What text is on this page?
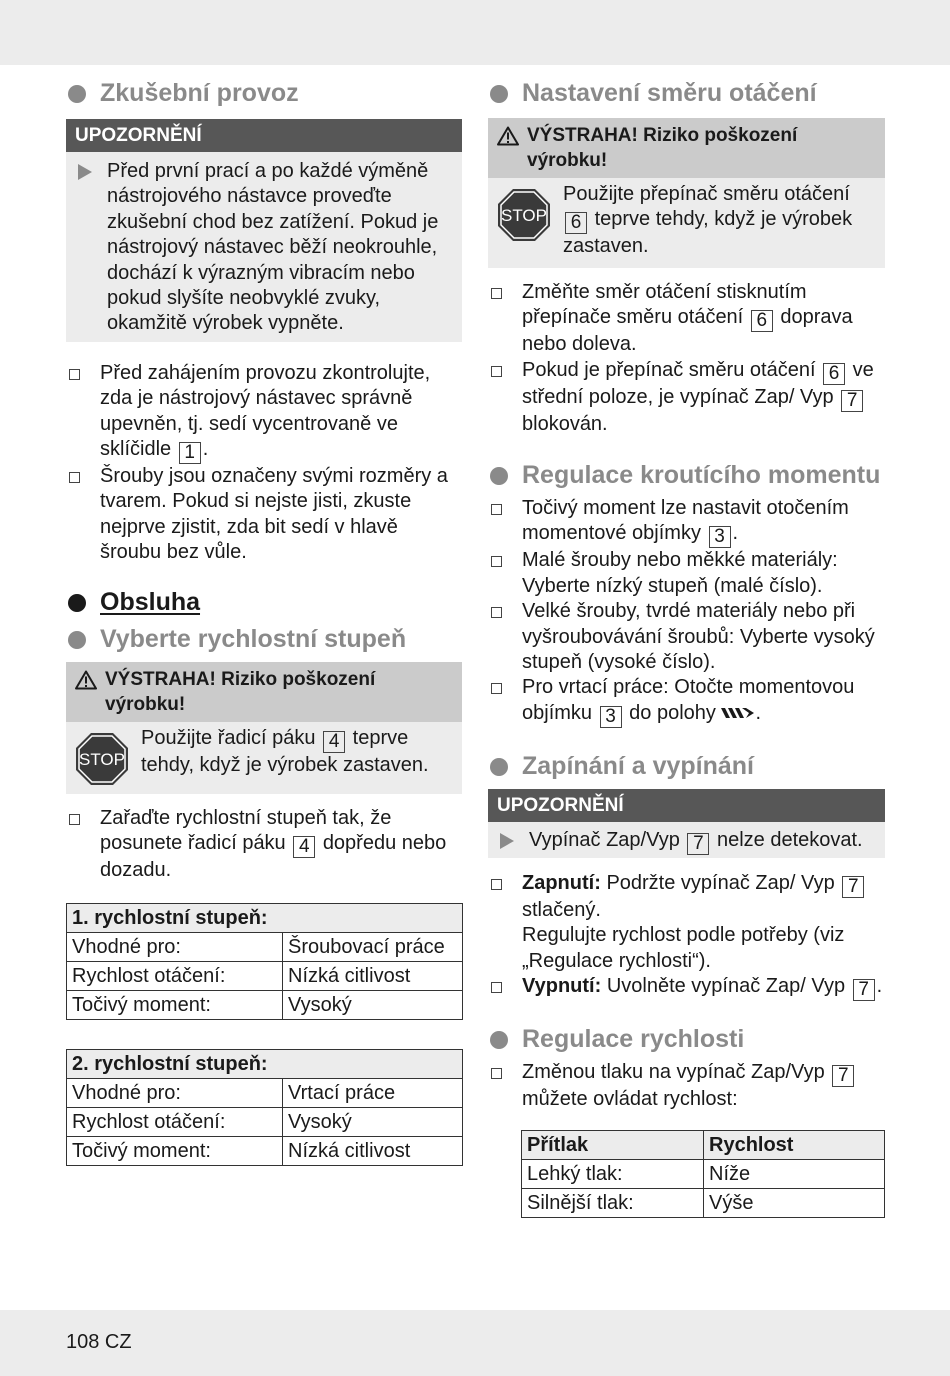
Zkušební provoz
UPOZORNĚNÍ
Před první prací a po každé výměně nástrojového nástavce proveďte zkušební chod bez zatížení. Pokud je nástrojový nástavec běží neokrouhle, dochází k výrazným vibracím nebo pokud slyšíte neobvyklé zvuky, okamžitě výrobek vypněte.
Před zahájením provozu zkontrolujte, zda je nástrojový nástavec správně upevněn, tj. sedí vycentrovaně ve sklíčidle 1 .
Šrouby jsou označeny svými rozměry a tvarem. Pokud si nejste jisti, zkuste nejprve zjistit, zda bit sedí v hlavě šroubu bez vůle.
Obsluha
Vyberte rychlostní stupeň
VÝSTRAHA! Riziko poškození výrobku!
STOP
Použijte řadicí páku 4 teprve tehdy, když je výrobek zastaven.
Zařaďte rychlostní stupeň tak, že posunete řadicí páku 4 dopředu nebo dozadu.
1. rychlostní stupeň:	
Vhodné pro:	Šroubovací práce
Rychlost otáčení:	Nízká citlivost
Točivý moment:	Vysoký
2. rychlostní stupeň:	
Vhodné pro:	Vrtací práce
Rychlost otáčení:	Vysoký
Točivý moment:	Nízká citlivost
Nastavení směru otáčení
VÝSTRAHA! Riziko poškození výrobku!
STOP
Použijte přepínač směru otáčení 6 teprve tehdy, když je výrobek zastaven.
Změňte směr otáčení stisknutím přepínače směru otáčení 6 doprava nebo doleva.
Pokud je přepínač směru otáčení 6 ve střední poloze, je vypínač Zap/ Vyp 7 blokován.
Regulace kroutícího momentu
Točivý moment lze nastavit otočením momentové objímky 3 .
Malé šrouby nebo měkké materiály: Vyberte nízký stupeň (malé číslo).
Velké šrouby, tvrdé materiály nebo při vyšroubovávání šroubů: Vyberte vysoký stupeň (vysoké číslo).
Pro vrtací práce: Otočte momentovou objímku 3 do polohy .
Zapínání a vypínání
UPOZORNĚNÍ
Vypínač Zap/Vyp 7 nelze detekovat.
Zapnutí: Podržte vypínač Zap/ Vyp 7 stlačený.
Regulujte rychlost podle potřeby (viz „Regulace rychlosti“).
Vypnutí: Uvolněte vypínač Zap/ Vyp 7 .
Regulace rychlosti
Změnou tlaku na vypínač Zap/Vyp 7 můžete ovládat rychlost:
Přítlak	Rychlost
Lehký tlak:	Níže
Silnější tlak:	Výše
108 CZ
